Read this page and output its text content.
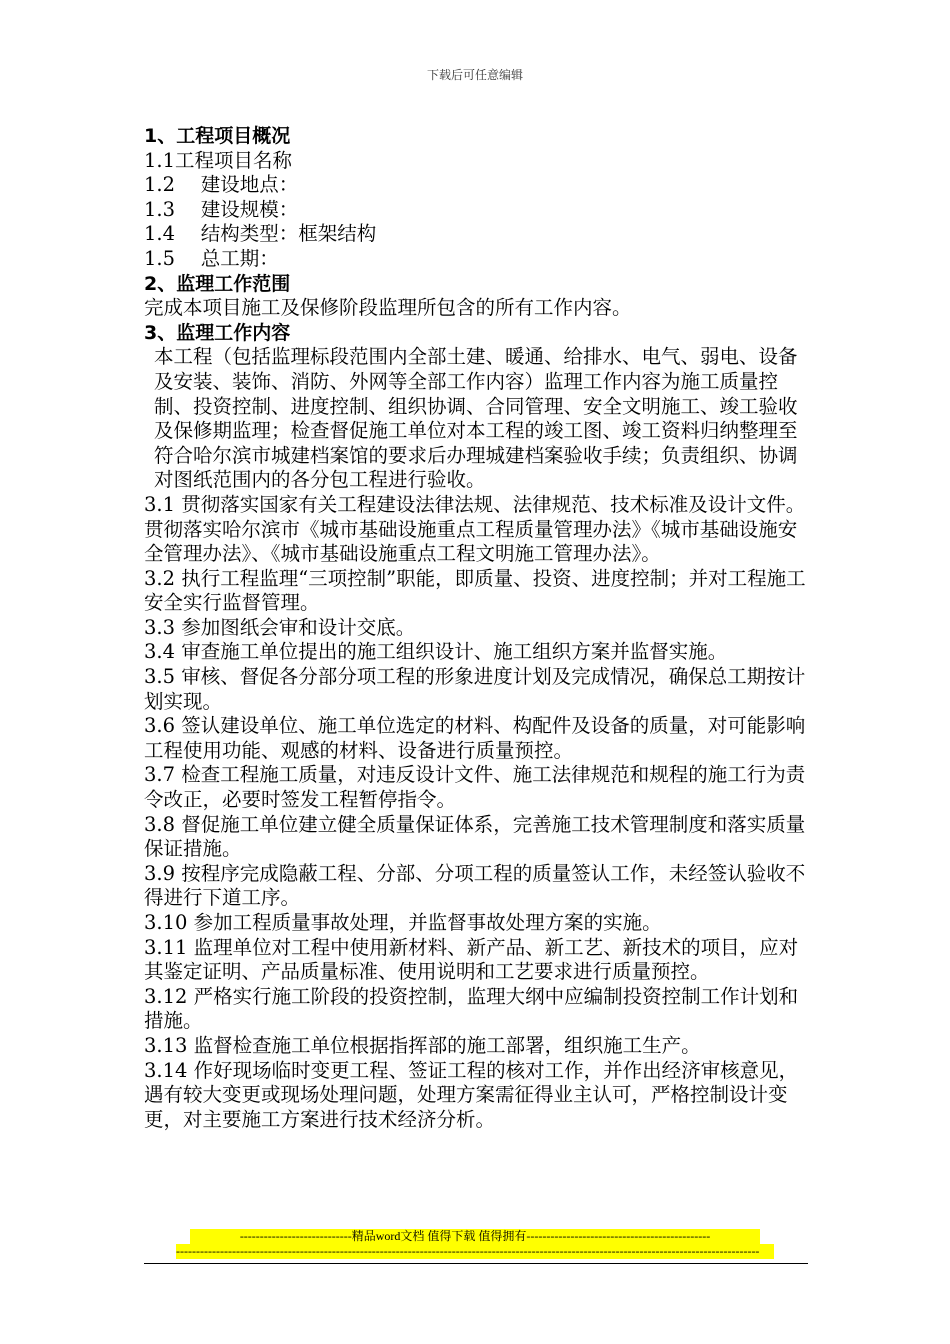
下载后可任意编辑

1、工程项目概况

1.1工程项目名称

1.2　 建设地点：

1.3　 建设规模：

1.4　 结构类型：框架结构

1.5　 总工期：

2、监理工作范围

完成本项目施工及保修阶段监理所包含的所有工作内容。

3、监理工作内容

本工程（包括监理标段范围内全部土建、暖通、给排水、电气、弱电、设备及安装、装饰、消防、外网等全部工作内容）监理工作内容为施工质量控制、投资控制、进度控制、组织协调、合同管理、安全文明施工、竣工验收及保修期监理；检查督促施工单位对本工程的竣工图、竣工资料归纳整理至符合哈尔滨市城建档案馆的要求后办理城建档案验收手续；负责组织、协调对图纸范围内的各分包工程进行验收。

3.1 贯彻落实国家有关工程建设法律法规、法律规范、技术标准及设计文件。贯彻落实哈尔滨市《城市基础设施重点工程质量管理办法》《城市基础设施安全管理办法》、《城市基础设施重点工程文明施工管理办法》。

3.2 执行工程监理“三项控制”职能，即质量、投资、进度控制；并对工程施工安全实行监督管理。

3.3 参加图纸会审和设计交底。

3.4 审查施工单位提出的施工组织设计、施工组织方案并监督实施。

3.5 审核、督促各分部分项工程的形象进度计划及完成情况，确保总工期按计划实现。

3.6 签认建设单位、施工单位选定的材料、构配件及设备的质量，对可能影响工程使用功能、观感的材料、设备进行质量预控。

3.7 检查工程施工质量，对违反设计文件、施工法律规范和规程的施工行为责令改正，必要时签发工程暂停指令。

3.8 督促施工单位建立健全质量保证体系，完善施工技术管理制度和落实质量保证措施。

3.9 按程序完成隐蔽工程、分部、分项工程的质量签认工作，未经签认验收不得进行下道工序。

3.10 参加工程质量事故处理，并监督事故处理方案的实施。

3.11 监理单位对工程中使用新材料、新产品、新工艺、新技术的项目，应对其鉴定证明、产品质量标准、使用说明和工艺要求进行质量预控。

3.12 严格实行施工阶段的投资控制，监理大纲中应编制投资控制工作计划和措施。

3.13 监督检查施工单位根据指挥部的施工部署，组织施工生产。

3.14 作好现场临时变更工程、签证工程的核对工作，并作出经济审核意见，遇有较大变更或现场处理问题，处理方案需征得业主认可，严格控制设计变更，对主要施工方案进行技术经济分析。

----------------------------精品word文档 值得下载 值得拥有----------------------------------------------
--------------------------------------------------------------------------------------------------------------------------------------------------
